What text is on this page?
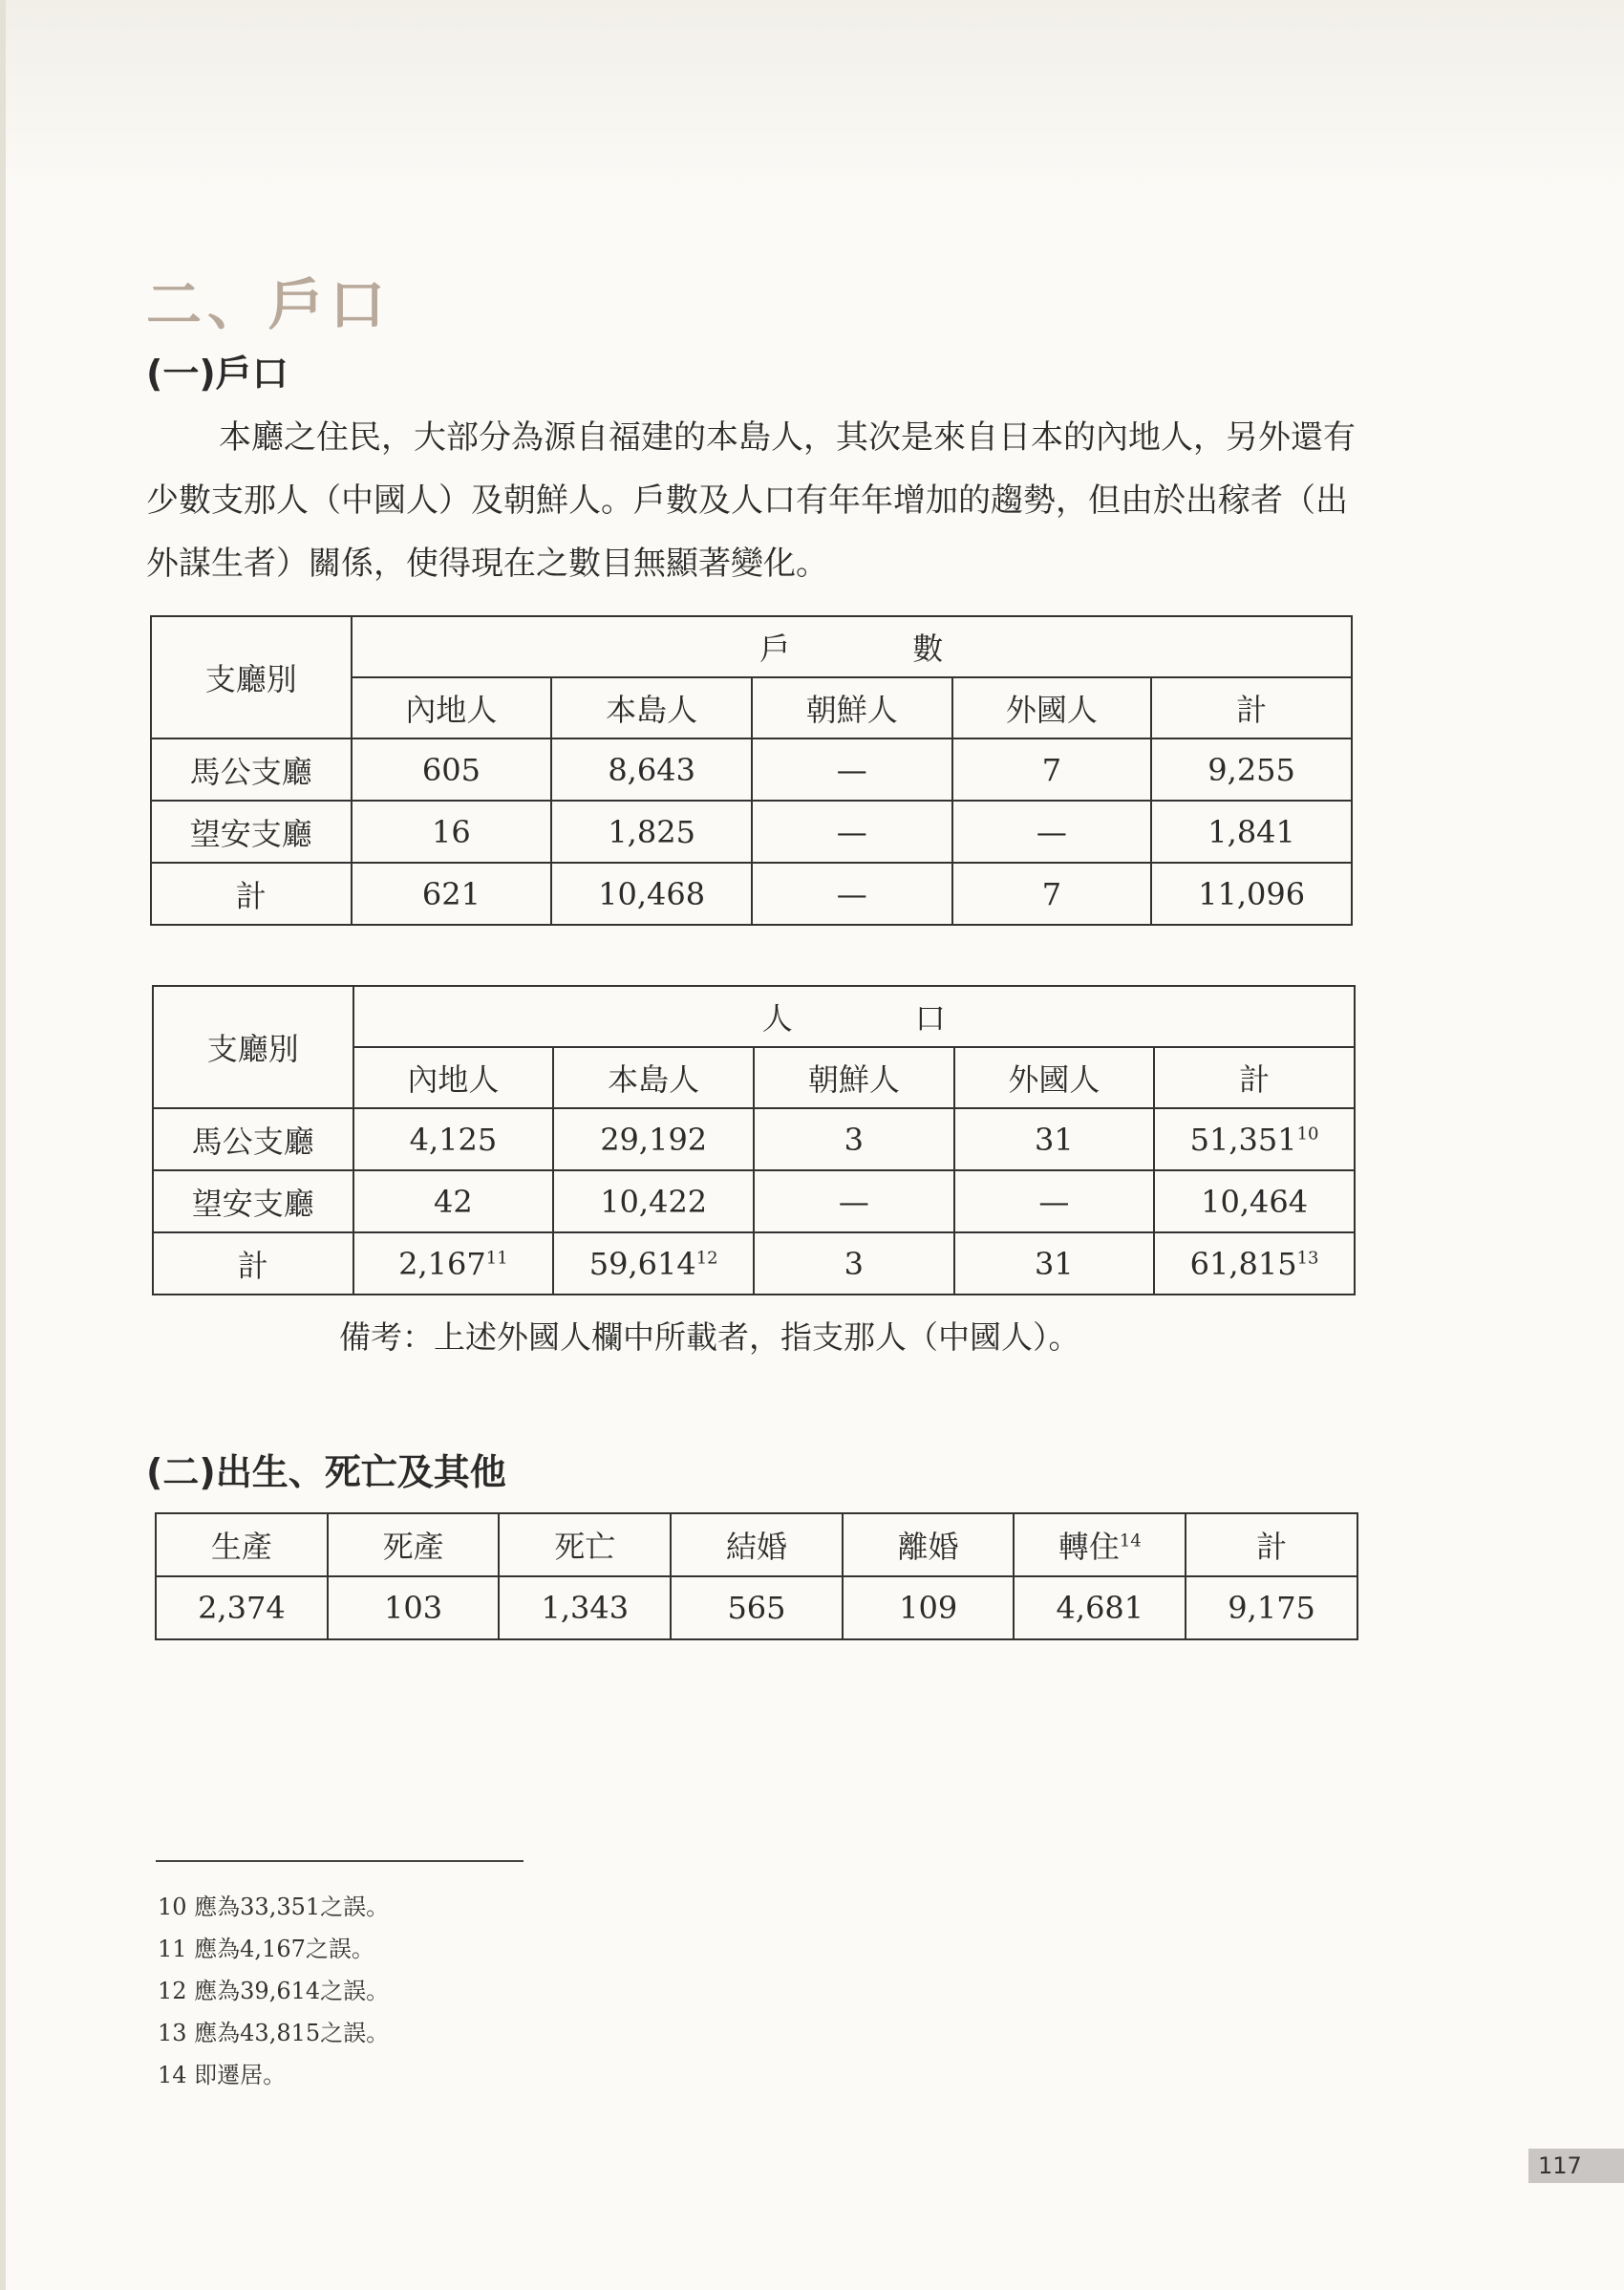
二、戶口
(一)戶口

本廳之住民，大部分為源自福建的本島人，其次是來自日本的內地人，另外還有少數支那人（中國人）及朝鮮人。戶數及人口有年年增加的趨勢，但由於出稼者（出外謀生者）關係，使得現在之數目無顯著變化。

支廳別	戶　　　　數				
	內地人	本島人	朝鮮人	外國人	計
馬公支廳	605	8,643	—	7	9,255
望安支廳	16	1,825	—	—	1,841
計	621	10,468	—	7	11,096
支廳別	人　　　　口				
	內地人	本島人	朝鮮人	外國人	計
馬公支廳	4,125	29,192	3	31	51,351$^{10}$
望安支廳	42	10,422	—	—	10,464
計	2,167$^{11}$	59,614$^{12}$	3	31	61,815$^{13}$
備考：上述外國人欄中所載者，指支那人（中國人）。
(二)出生、死亡及其他
生產	死產	死亡	結婚	離婚	轉住$^{14}$	計
2,374	103	1,343	565	109	4,681	9,175
10 應為33,351之誤。
11 應為4,167之誤。
12 應為39,614之誤。
13 應為43,815之誤。
14 即遷居。
117
